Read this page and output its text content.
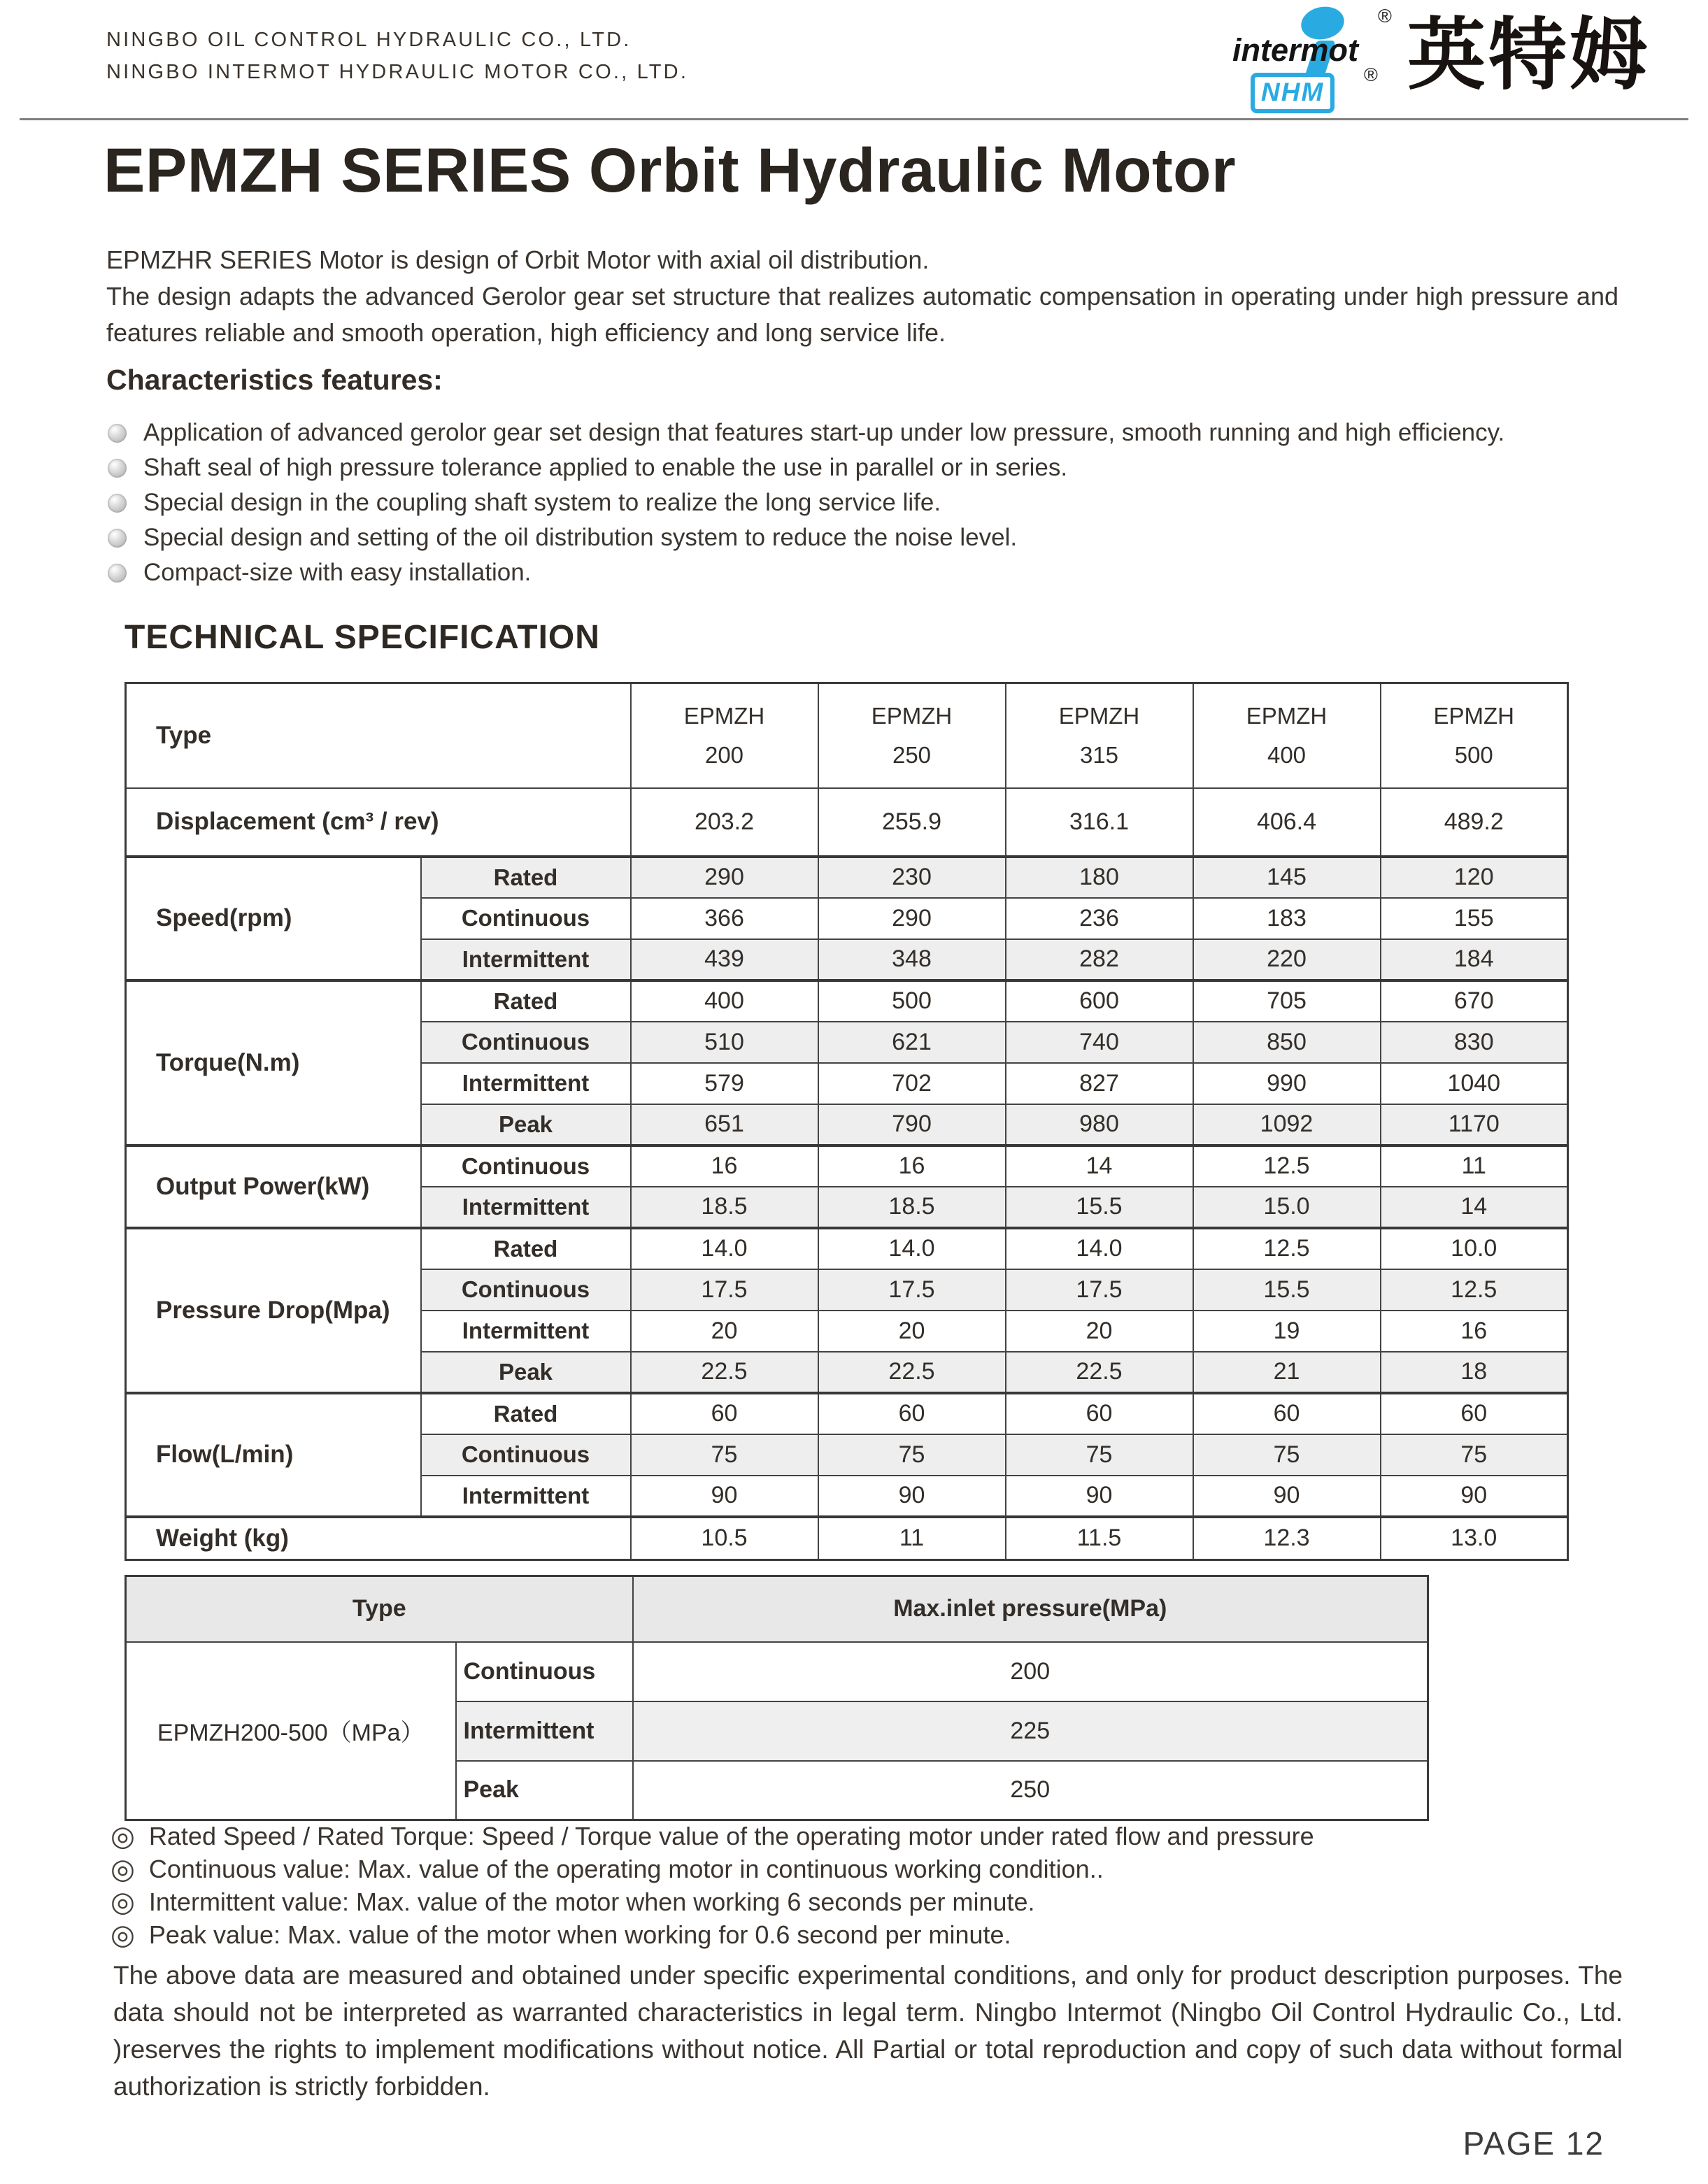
NINGBO OIL CONTROL HYDRAULIC CO., LTD.
NINGBO INTERMOT HYDRAULIC MOTOR CO., LTD.
intermot
®
NHM
® 英特姆
EPMZH SERIES Orbit Hydraulic Motor
EPMZHR SERIES Motor is design of Orbit Motor with axial oil distribution.
The design adapts the advanced Gerolor gear set structure that realizes automatic compensation in operating under high pressure and features reliable and smooth operation, high efficiency and long service life.
Characteristics features:
Application of advanced gerolor gear set design that features start-up under low pressure, smooth running and high efficiency.
Shaft seal of high pressure tolerance applied to enable the use in parallel or in series.
Special design in the coupling shaft system to realize the long service life.
Special design and setting of the oil distribution system to reduce the noise level.
Compact-size with easy installation.
TECHNICAL SPECIFICATION
Type	
EPMZH
200

EPMZH
250

EPMZH
315

EPMZH
400

EPMZH
500

Displacement (cm³ / rev)		203.2	255.9	316.1	406.4	489.2
Speed(rpm)	Rated	290	230	180	145	120
	Continuous	366	290	236	183	155
	Intermittent	439	348	282	220	184
Torque(N.m)	Rated	400	500	600	705	670
	Continuous	510	621	740	850	830
	Intermittent	579	702	827	990	1040
	Peak	651	790	980	1092	1170
Output Power(kW)	Continuous	16	16	14	12.5	11
	Intermittent	18.5	18.5	15.5	15.0	14
Pressure Drop(Mpa)	Rated	14.0	14.0	14.0	12.5	10.0
	Continuous	17.5	17.5	17.5	15.5	12.5
	Intermittent	20	20	20	19	16
	Peak	22.5	22.5	22.5	21	18
Flow(L/min)	Rated	60	60	60	60	60
	Continuous	75	75	75	75	75
	Intermittent	90	90	90	90	90
Weight (kg)		10.5	11	11.5	12.3	13.0
Type		Max.inlet pressure(MPa)
EPMZH200-500（MPa）	Continuous	200
	Intermittent	225
	Peak	250
◎ Rated Speed / Rated Torque: Speed / Torque value of the operating motor under rated flow and pressure
◎ Continuous value: Max. value of the operating motor in continuous working condition..
◎ Intermittent value: Max. value of the motor when working 6 seconds per minute.
◎ Peak value: Max. value of the motor when working for 0.6 second per minute.
The above data are measured and obtained under specific experimental conditions, and only for product description purposes. The data should not be interpreted as warranted characteristics in legal term. Ningbo Intermot (Ningbo Oil Control Hydraulic Co., Ltd. )reserves the rights to implement modifications without notice. All Partial or total reproduction and copy of such data without formal authorization is strictly forbidden.
PAGE 12
